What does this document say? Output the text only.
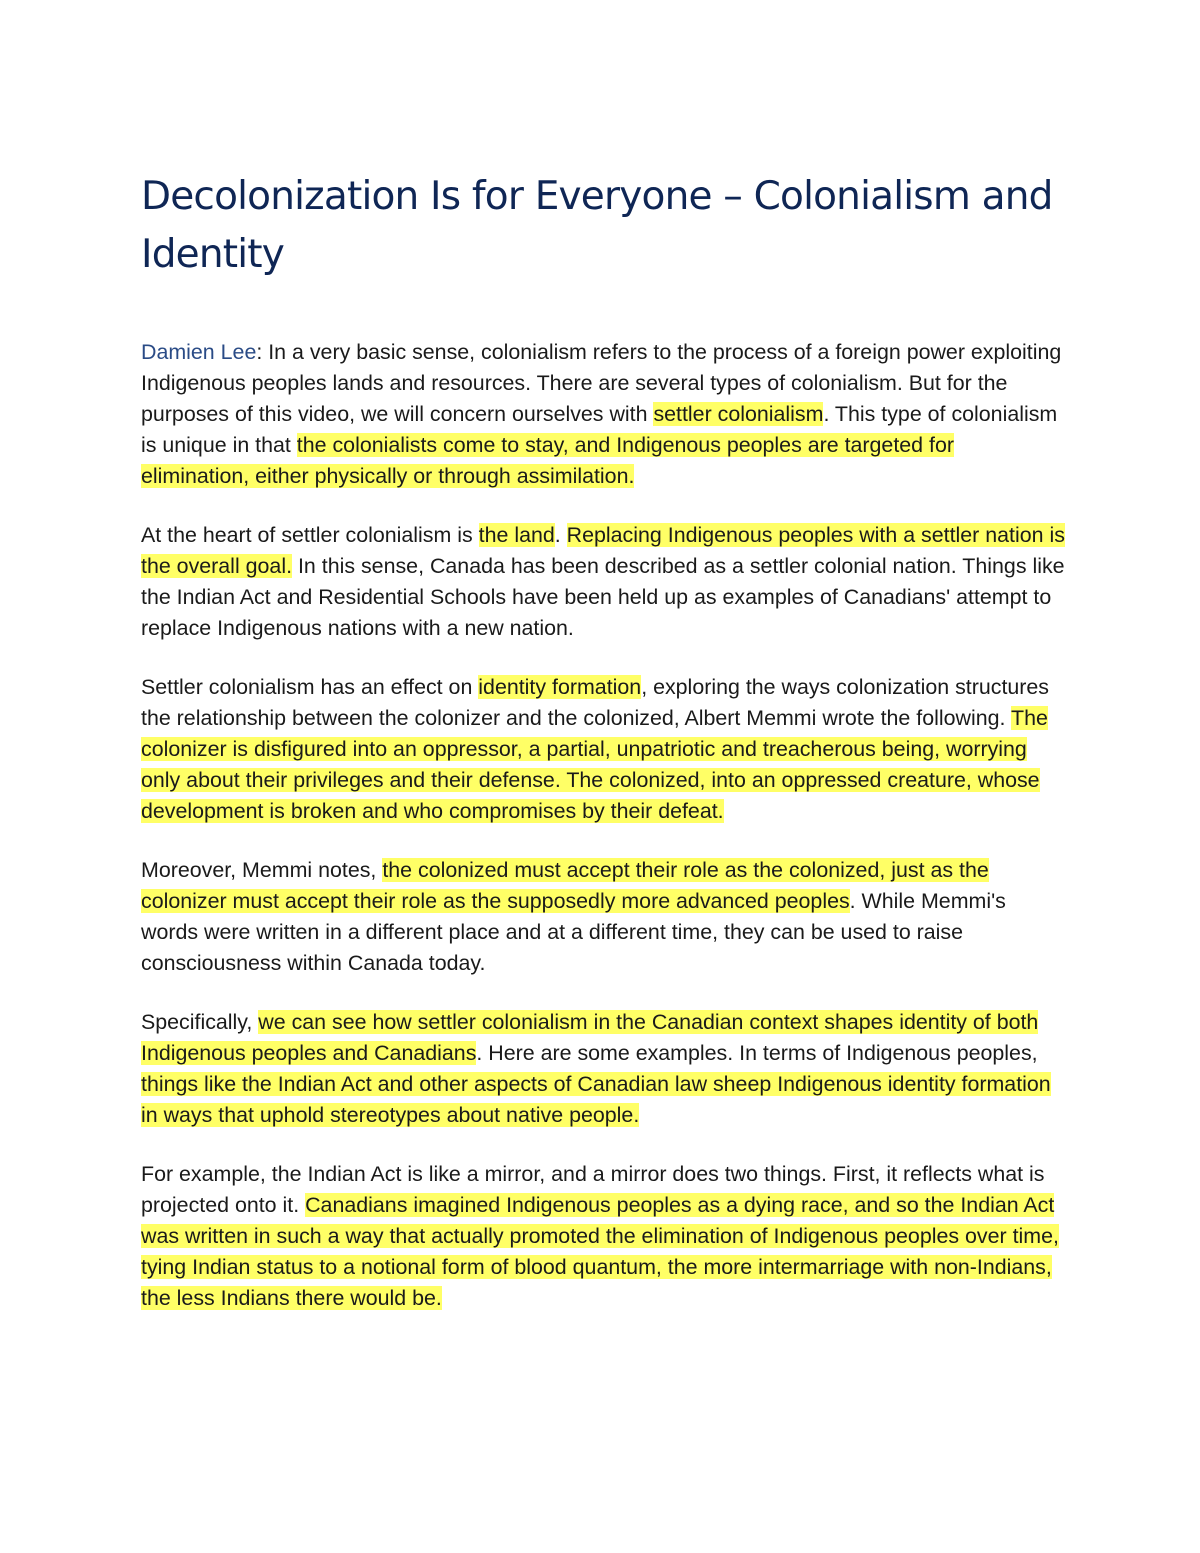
Decolonization Is for Everyone – Colonialism and Identity

Damien Lee: In a very basic sense, colonialism refers to the process of a foreign power exploiting Indigenous peoples lands and resources. There are several types of colonialism. But for the purposes of this video, we will concern ourselves with settler colonialism. This type of colonialism is unique in that the colonialists come to stay, and Indigenous peoples are targeted for elimination, either physically or through assimilation.

At the heart of settler colonialism is the land. Replacing Indigenous peoples with a settler nation is the overall goal. In this sense, Canada has been described as a settler colonial nation. Things like the Indian Act and Residential Schools have been held up as examples of Canadians' attempt to replace Indigenous nations with a new nation.

Settler colonialism has an effect on identity formation, exploring the ways colonization structures the relationship between the colonizer and the colonized, Albert Memmi wrote the following. The colonizer is disfigured into an oppressor, a partial, unpatriotic and treacherous being, worrying only about their privileges and their defense. The colonized, into an oppressed creature, whose development is broken and who compromises by their defeat.

Moreover, Memmi notes, the colonized must accept their role as the colonized, just as the colonizer must accept their role as the supposedly more advanced peoples. While Memmi's words were written in a different place and at a different time, they can be used to raise consciousness within Canada today.

Specifically, we can see how settler colonialism in the Canadian context shapes identity of both Indigenous peoples and Canadians. Here are some examples. In terms of Indigenous peoples, things like the Indian Act and other aspects of Canadian law sheep Indigenous identity formation in ways that uphold stereotypes about native people.

For example, the Indian Act is like a mirror, and a mirror does two things. First, it reflects what is projected onto it. Canadians imagined Indigenous peoples as a dying race, and so the Indian Act was written in such a way that actually promoted the elimination of Indigenous peoples over time, tying Indian status to a notional form of blood quantum, the more intermarriage with non-Indians, the less Indians there would be.
